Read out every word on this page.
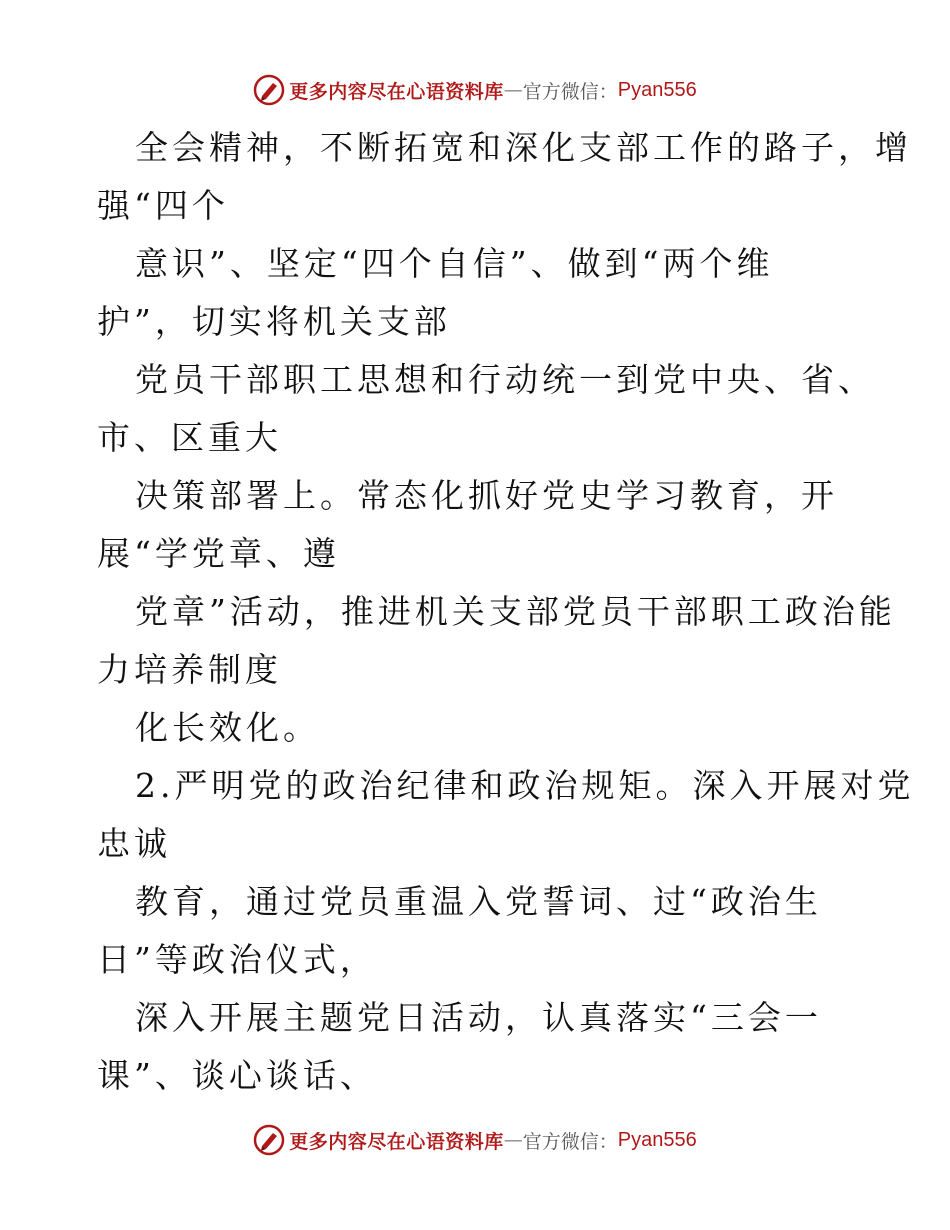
更多内容尽在心语资料库 — 官方微信： Pyan556
全会精神，不断拓宽和深化支部工作的路子，增
强“四个
意识”、坚定“四个自信”、做到“两个维
护”，切实将机关支部
党员干部职工思想和行动统一到党中央、省、
市、区重大
决策部署上。常态化抓好党史学习教育，开
展“学党章、遵
党章”活动，推进机关支部党员干部职工政治能
力培养制度
化长效化。
2.严明党的政治纪律和政治规矩。深入开展对党
忠诚
教育，通过党员重温入党誓词、过“政治生
日”等政治仪式，
深入开展主题党日活动，认真落实“三会一
课”、谈心谈话、
更多内容尽在心语资料库 — 官方微信： Pyan556
